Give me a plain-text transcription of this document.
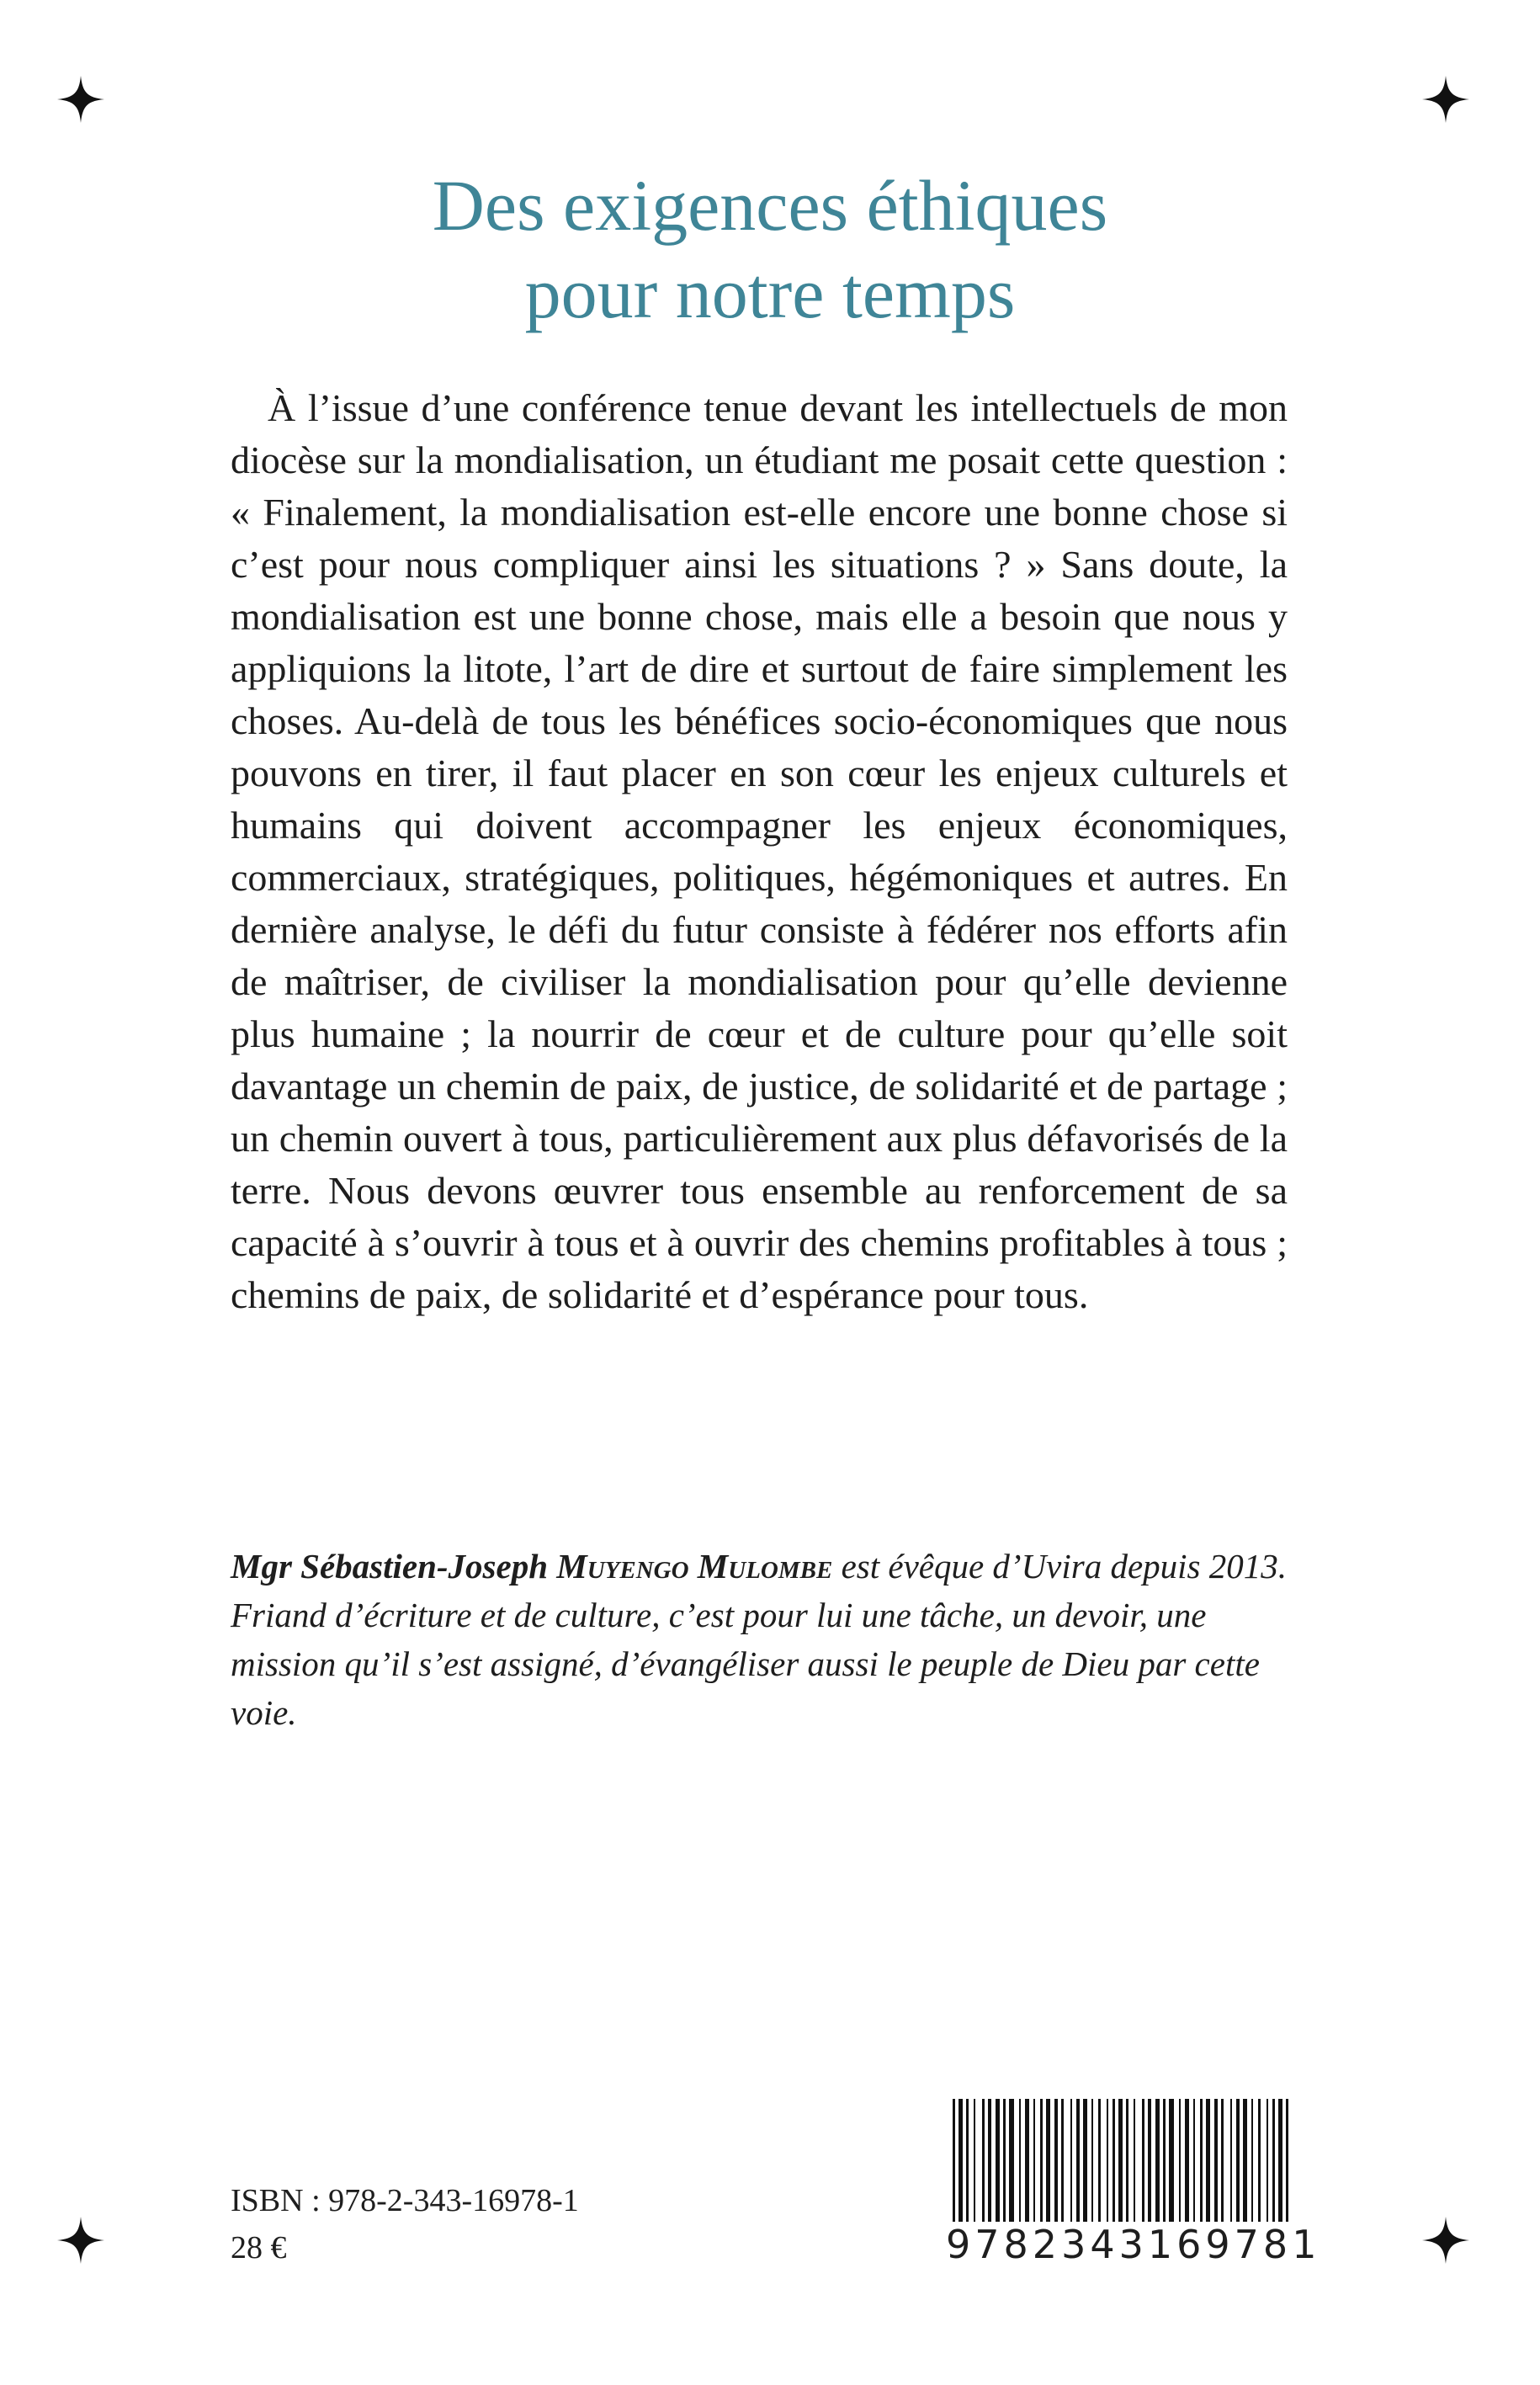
Des exigences éthiques
pour notre temps

À l’issue d’une conférence tenue devant les intellectuels de mon diocèse sur la mondialisation, un étudiant me posait cette question : « Finalement, la mondialisation est-elle encore une bonne chose si c’est pour nous compliquer ainsi les situations ? » Sans doute, la mondialisation est une bonne chose, mais elle a besoin que nous y appliquions la litote, l’art de dire et surtout de faire simplement les choses. Au-delà de tous les bénéfices socio-économiques que nous pouvons en tirer, il faut placer en son cœur les enjeux culturels et humains qui doivent accompagner les enjeux économiques, commerciaux, stratégiques, politiques, hégémoniques et autres. En dernière analyse, le défi du futur consiste à fédérer nos efforts afin de maîtriser, de civiliser la mondialisation pour qu’elle devienne plus humaine ; la nourrir de cœur et de culture pour qu’elle soit davantage un chemin de paix, de justice, de solidarité et de partage ; un chemin ouvert à tous, particulièrement aux plus défavorisés de la terre. Nous devons œuvrer tous ensemble au renforcement de sa capacité à s’ouvrir à tous et à ouvrir des chemins profitables à tous ; chemins de paix, de solidarité et d’espérance pour tous.

Mgr Sébastien-Joseph Muyengo Mulombe est évêque d’Uvira depuis 2013. Friand d’écriture et de culture, c’est pour lui une tâche, un devoir, une mission qu’il s’est assigné, d’évangéliser aussi le peuple de Dieu par cette voie.

ISBN : 978-2-343-16978-1
28 €	9782343169781
